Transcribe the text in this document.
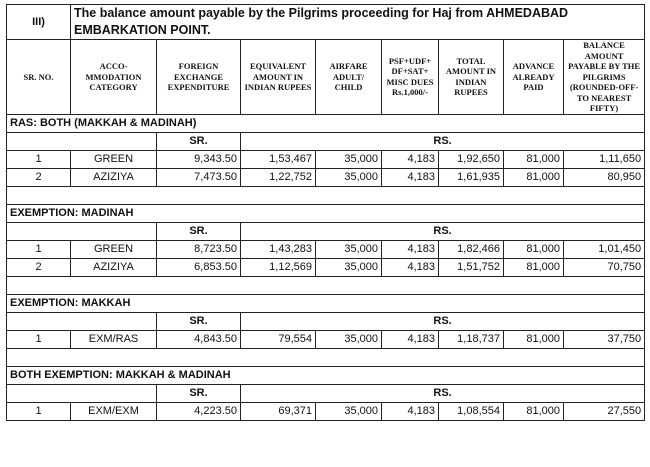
III)	The balance amount payable by the Pilgrims proceeding for Haj from AHMEDABAD EMBARKATION POINT.							
SR. NO.	ACCO-MMODATION CATEGORY	FOREIGN EXCHANGE EXPENDITURE	EQUIVALENT AMOUNT IN INDIAN RUPEES	AIRFARE ADULT/ CHILD	PSF+UDF+ DF+SAT+ MISC DUES Rs.1,000/-	TOTAL AMOUNT IN INDIAN RUPEES	ADVANCE ALREADY PAID	BALANCE AMOUNT PAYABLE BY THE PILGRIMS (ROUNDED-OFF-TO NEAREST FIFTY)
RAS: BOTH (MAKKAH & MADINAH)								
		SR.	RS.					
1	GREEN	9,343.50	1,53,467	35,000	4,183	1,92,650	81,000	1,11,650
2	AZIZIYA	7,473.50	1,22,752	35,000	4,183	1,61,935	81,000	80,950

EXEMPTION: MADINAH								
		SR.	RS.					
1	GREEN	8,723.50	1,43,283	35,000	4,183	1,82,466	81,000	1,01,450
2	AZIZIYA	6,853.50	1,12,569	35,000	4,183	1,51,752	81,000	70,750

EXEMPTION: MAKKAH								
		SR.	RS.					
1	EXM/RAS	4,843.50	79,554	35,000	4,183	1,18,737	81,000	37,750

BOTH EXEMPTION: MAKKAH & MADINAH								
		SR.	RS.					
1	EXM/EXM	4,223.50	69,371	35,000	4,183	1,08,554	81,000	27,550
